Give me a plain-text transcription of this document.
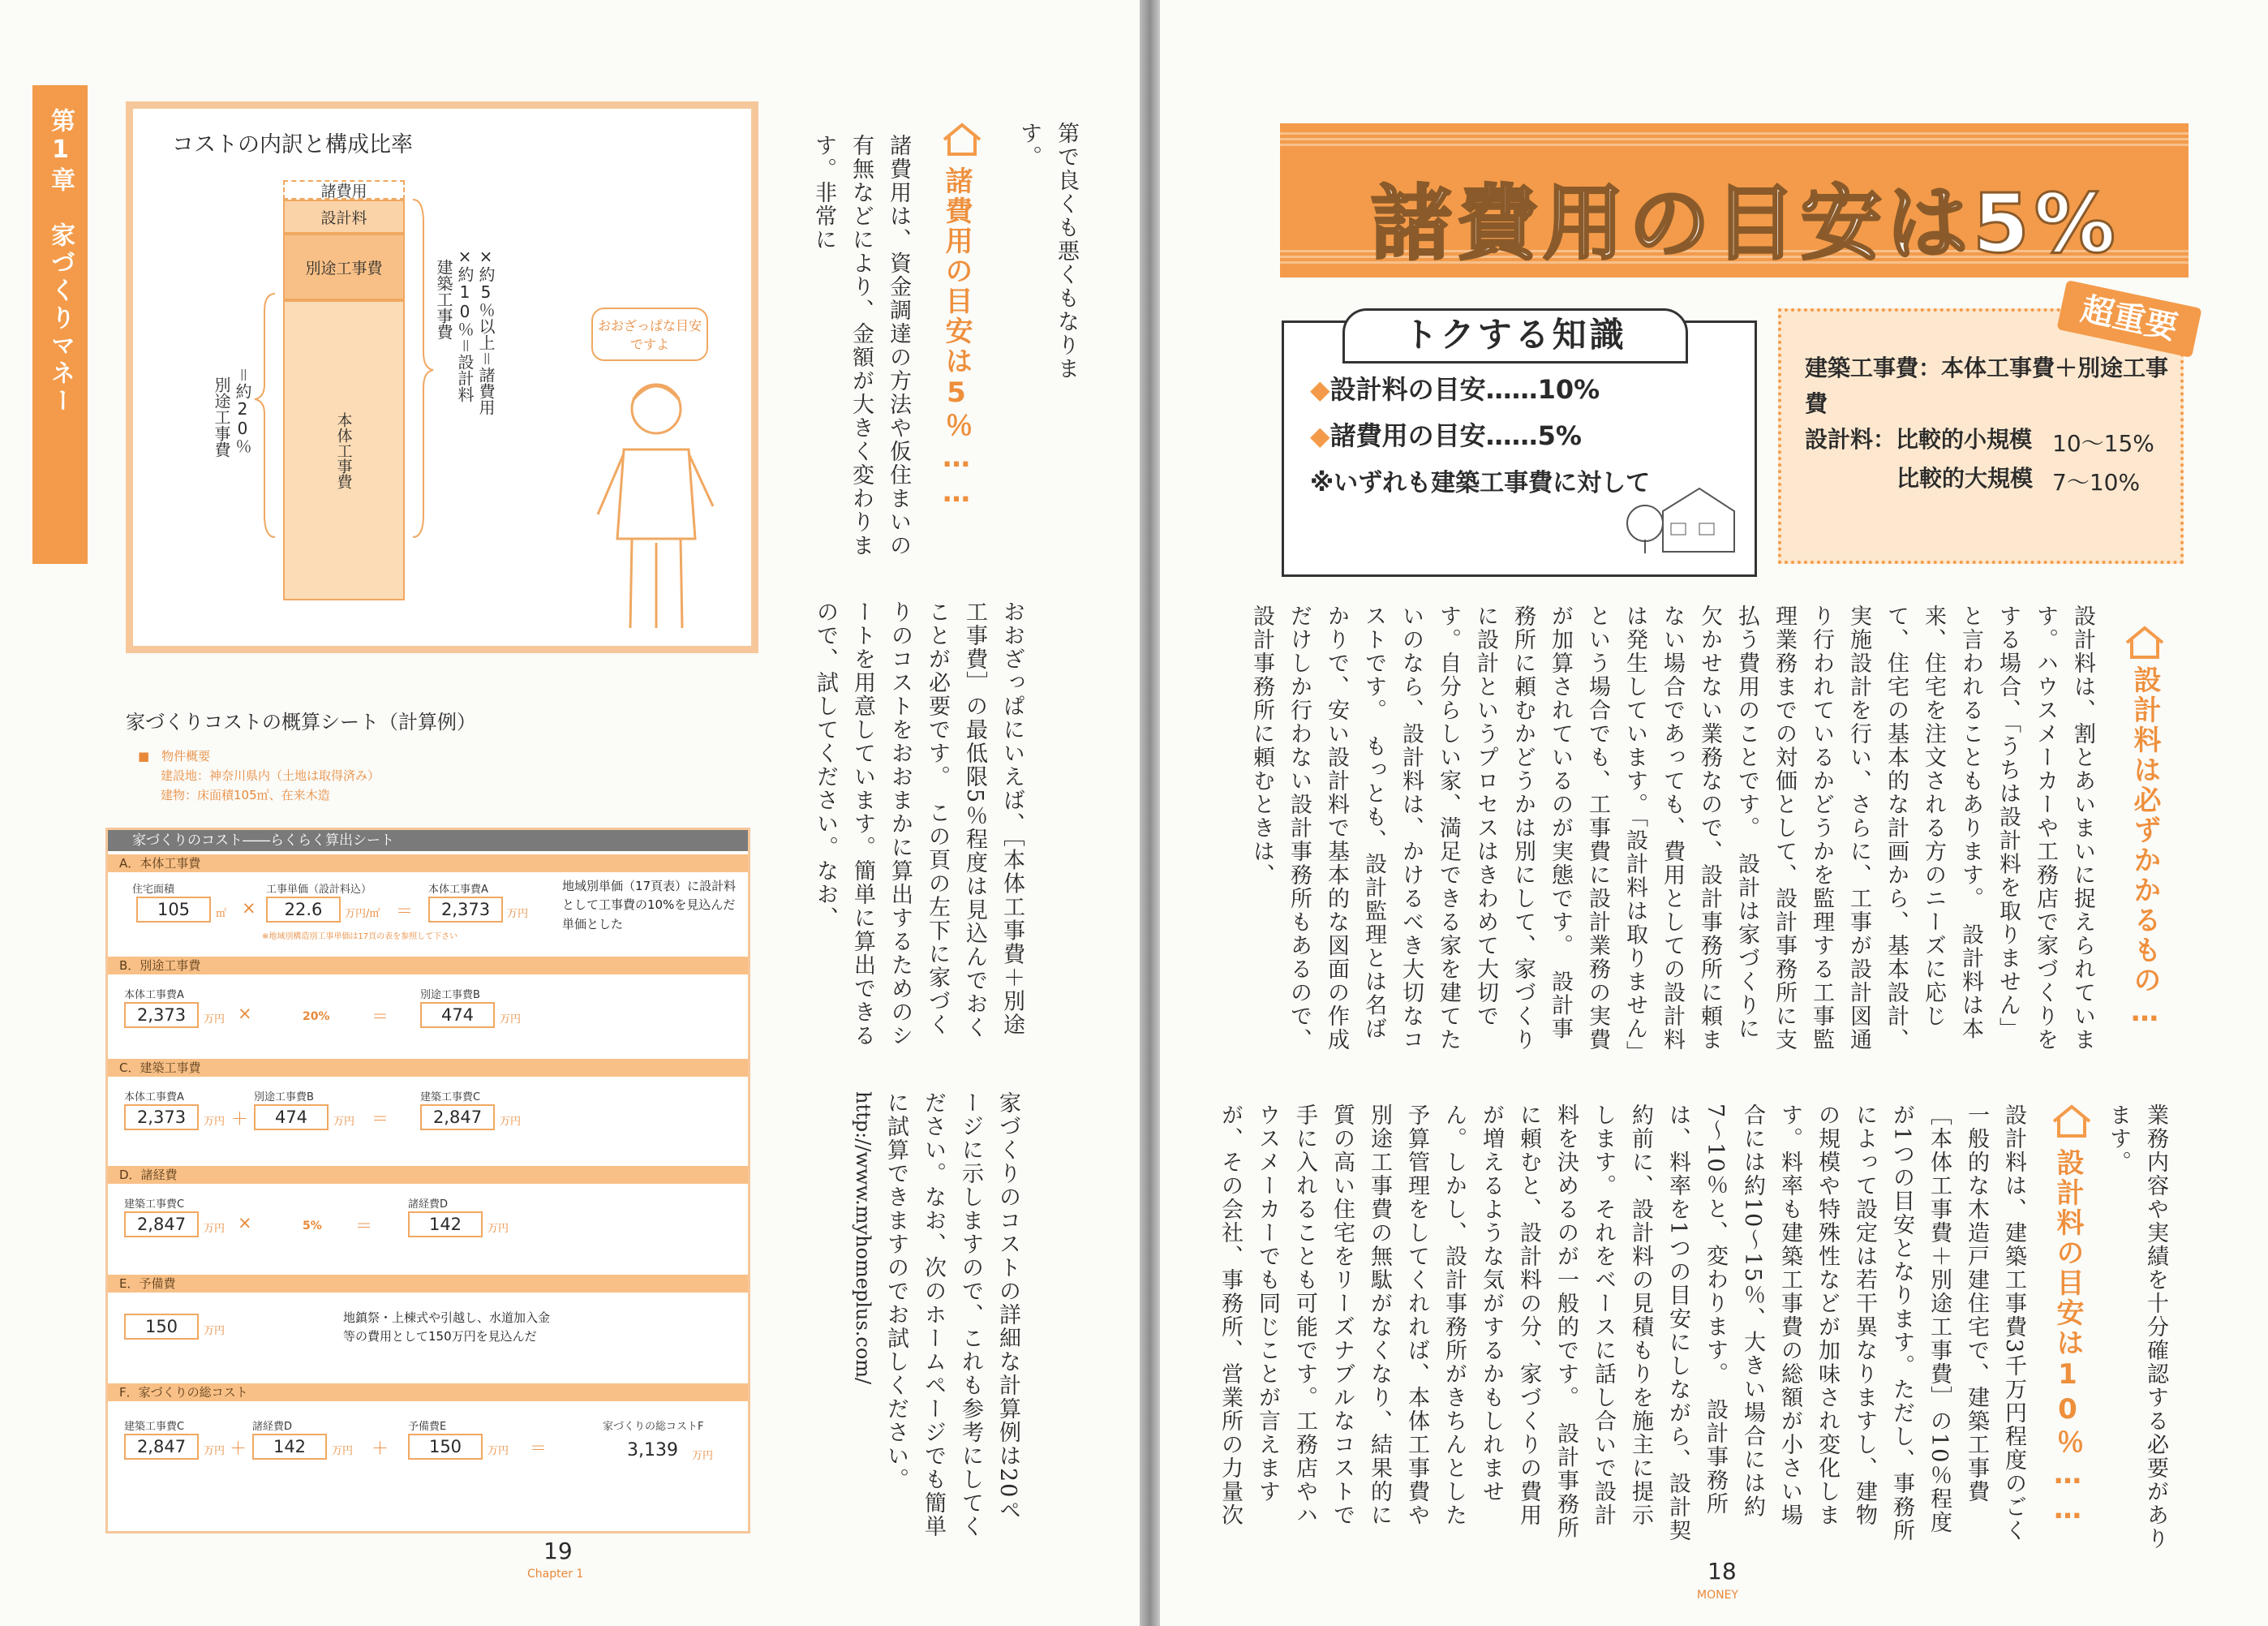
第1章　家づくりマネー	コストの内訳と構成比率
諸費用
設計料
別途工事費
本体工事費
建築工事費 ×約10％＝設計料 ×約5％以上＝諸費用
別途工事費 ＝約20％
おおざっぱな目安ですよ
家づくりコストの概算シート（計算例）
■　物件概要
建設地：神奈川県内（土地は取得済み）
建物：床面積105㎡、在来木造
家づくりのコスト――らくらく算出シート
A．本体工事費
住宅面積
105	㎡ ×
工事単価（設計料込）
22.6	万円/㎡ ＝
本体工事費A
2,373	万円
※地域別構造別工事単価は17頁の表を参照して下さい
地域別単価（17頁表）に設計料として工事費の10%を見込んだ単価とした
B．別途工事費
本体工事費A
2,373	万円 ×	20% ＝
別途工事費B
474	万円
C．建築工事費
本体工事費A
2,373	万円 ＋
別途工事費B
474	万円 ＝
建築工事費C
2,847	万円
D．諸経費
建築工事費C
2,847	万円 ×	5% ＝
諸経費D
142	万円
E．予備費
150	万円
地鎮祭・上棟式や引越し、水道加入金等の費用として150万円を見込んだ
F．家づくりの総コスト
建築工事費C
2,847	万円 ＋
諸経費D
142	万円 ＋
予備費E
150	万円 ＝
家づくりの総コストF
3,139 万円
19
Chapter 1
第で良くも悪くもなります。
諸費用の目安は5％……
諸費用は、資金調達の方法や仮住まいの有無などにより、金額が大きく変わります。非常に
おおざっぱにいえば、［本体工事費＋別途工事費］の最低限5％程度は見込んでおくことが必要です。　この頁の左下に家づくりのコストをおおまかに算出するためのシートを用意しています。簡単に算出できるので、試してください。なお、
家づくりのコストの詳細な計算例は20ページに示しますので、これも参考にしてください。なお、次のホームページでも簡単に試算できますのでお試しください。
http://www.myhomeplus.com/
諸費用の目安は5%
トクする知識
◆設計料の目安……10%
◆諸費用の目安……5%
※いずれも建築工事費に対して
超重要
建築工事費：本体工事費＋別途工事費
設計料：比較的小規模 10〜15%
比較的大規模 7〜10%
設計料は必ずかかるもの…
設計料は、割とあいまいに捉えられています。ハウスメーカーや工務店で家づくりをする場合、「うちは設計料を取りません」と言われることもあります。　設計料は本来、住宅を注文される方のニーズに応じて、住宅の基本的な計画から、基本設計、実施設計を行い、さらに、工事が設計図通り行われているかどうかを監理する工事監理業務までの対価として、設計事務所に支払う費用のことです。　設計は家づくりに欠かせない業務なので、設計事務所に頼まない場合であっても、費用としての設計料は発生しています。「設計料は取りません」という場合でも、工事費に設計業務の実費が加算されているのが実態です。　設計事務所に頼むかどうかは別にして、家づくりに設計というプロセスはきわめて大切です。自分らしい家、満足できる家を建てたいのなら、設計料は、かけるべき大切なコストです。　もっとも、設計監理とは名ばかりで、安い設計料で基本的な図面の作成だけしか行わない設計事務所もあるので、設計事務所に頼むときは、
業務内容や実績を十分確認する必要があります。
設計料の目安は10％……
設計料は、建築工事費3千万円程度のごく一般的な木造戸建住宅で、建築工事費［本体工事費＋別途工事費］の10％程度が1つの目安となります。ただし、事務所によって設定は若干異なりますし、建物の規模や特殊性などが加味され変化します。料率も建築工事費の総額が小さい場合には約10〜15％、大きい場合には約7〜10％と、変わります。　設計事務所は、料率を1つの目安にしながら、設計契約前に、設計料の見積もりを施主に提示します。それをベースに話し合いで設計料を決めるのが一般的です。　設計事務所に頼むと、設計料の分、家づくりの費用が増えるような気がするかもしれません。しかし、設計事務所がきちんとした予算管理をしてくれれば、本体工事費や別途工事費の無駄がなくなり、結果的に質の高い住宅をリーズナブルなコストで手に入れることも可能です。工務店やハウスメーカーでも同じことが言えますが、その会社、事務所、営業所の力量次
18
MONEY
